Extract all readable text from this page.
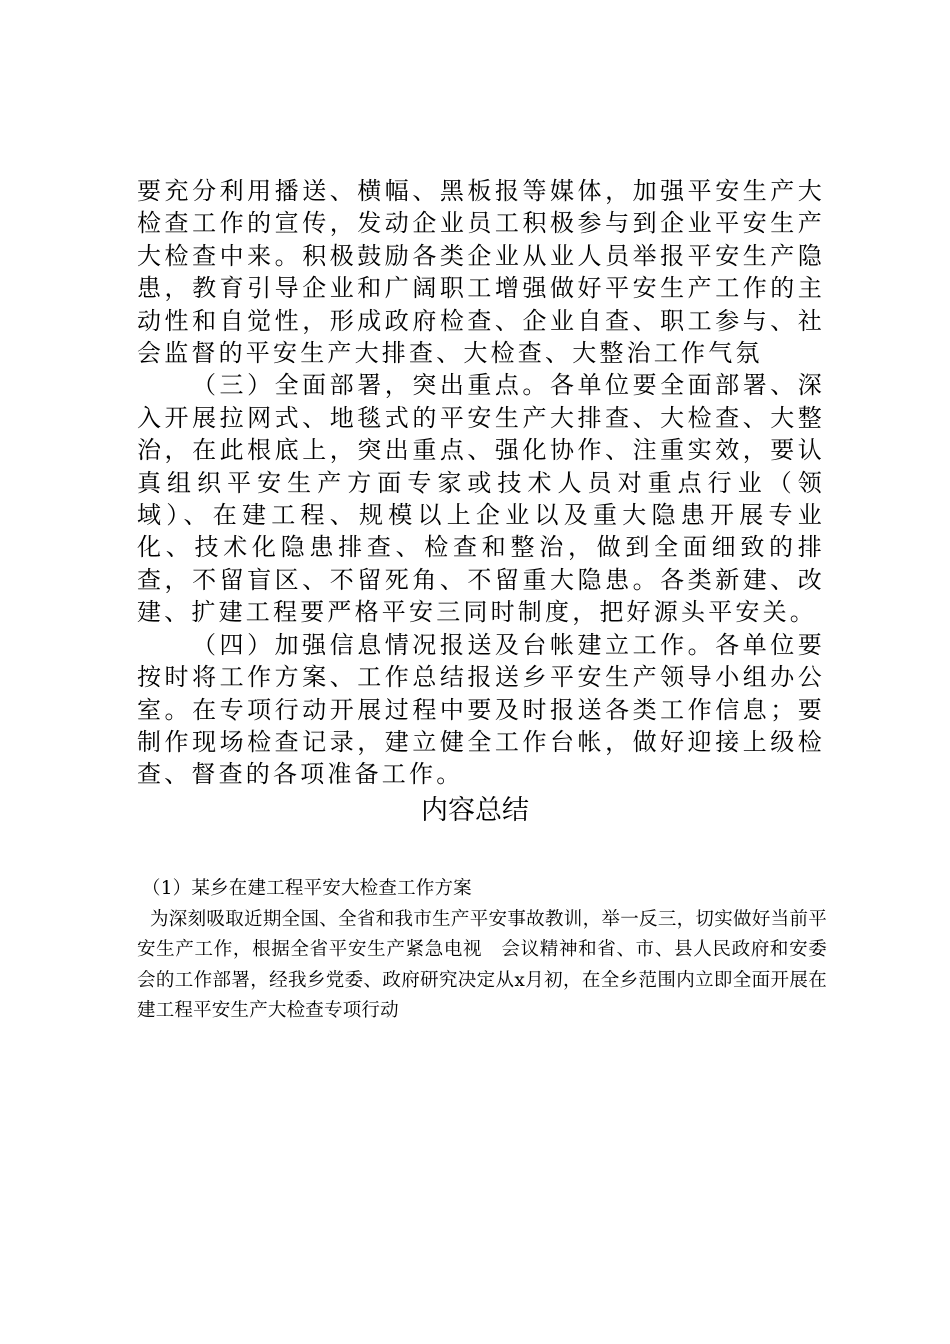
要充分利用播送、横幅、黑板报等媒体，加强平安生产大检查工作的宣传，发动企业员工积极参与到企业平安生产大检查中来。积极鼓励各类企业从业人员举报平安生产隐患，教育引导企业和广阔职工增强做好平安生产工作的主动性和自觉性，形成政府检查、企业自查、职工参与、社会监督的平安生产大排查、大检查、大整治工作气氛

（三）全面部署，突出重点。各单位要全面部署、深入开展拉网式、地毯式的平安生产大排查、大检查、大整治，在此根底上，突出重点、强化协作、注重实效，要认真组织平安生产方面专家或技术人员对重点行业（领域）、在建工程、规模以上企业以及重大隐患开展专业化、技术化隐患排查、检查和整治，做到全面细致的排查，不留盲区、不留死角、不留重大隐患。各类新建、改建、扩建工程要严格平安三同时制度，把好源头平安关。

（四）加强信息情况报送及台帐建立工作。各单位要按时将工作方案、工作总结报送乡平安生产领导小组办公室。在专项行动开展过程中要及时报送各类工作信息；要制作现场检查记录，建立健全工作台帐，做好迎接上级检查、督查的各项准备工作。

内容总结

（1）某乡在建工程平安大检查工作方案

为深刻吸取近期全国、全省和我市生产平安事故教训，举一反三，切实做好当前平安生产工作，根据全省平安生产紧急电视　会议精神和省、市、县人民政府和安委会的工作部署，经我乡党委、政府研究决定从x月初，在全乡范围内立即全面开展在建工程平安生产大检查专项行动
